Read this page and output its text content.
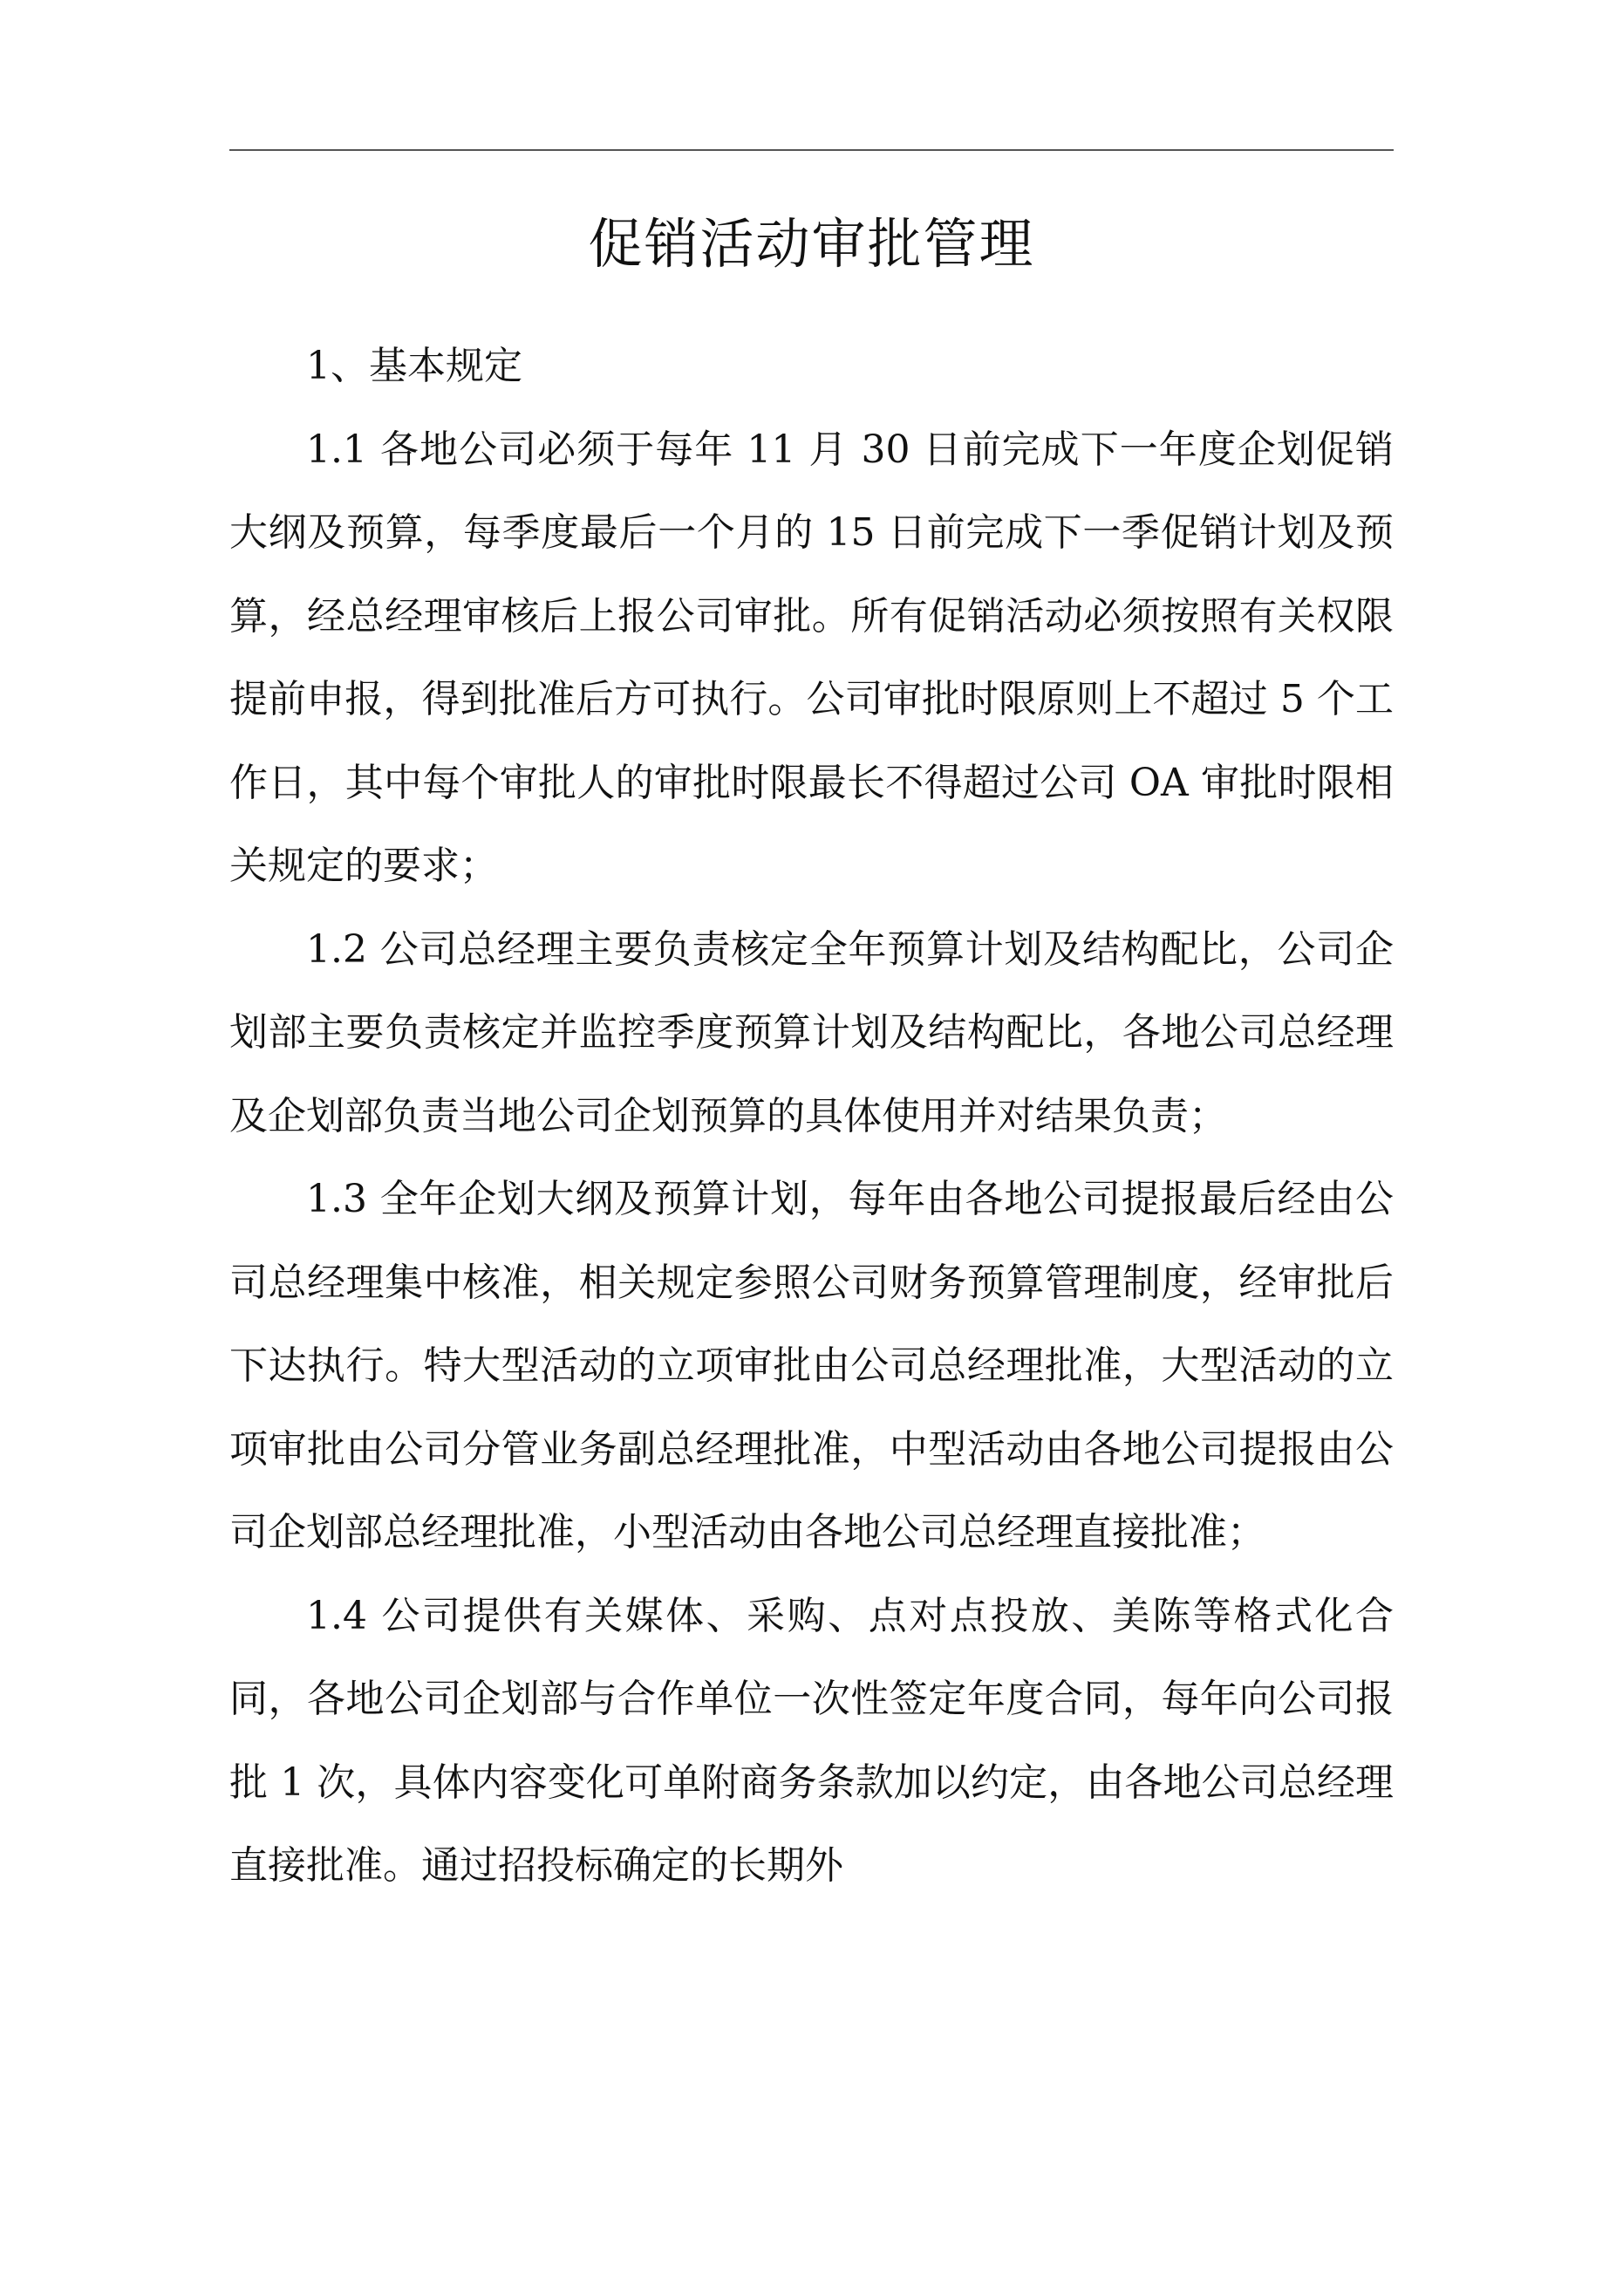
促销活动审批管理

1、基本规定

1.1 各地公司必须于每年 11 月 30 日前完成下一年度企划促销大纲及预算，每季度最后一个月的 15 日前完成下一季促销计划及预算，经总经理审核后上报公司审批。所有促销活动必须按照有关权限提前申报，得到批准后方可执行。公司审批时限原则上不超过 5 个工作日，其中每个审批人的审批时限最长不得超过公司 OA 审批时限相关规定的要求；

1.2 公司总经理主要负责核定全年预算计划及结构配比，公司企划部主要负责核定并监控季度预算计划及结构配比，各地公司总经理及企划部负责当地公司企划预算的具体使用并对结果负责；

1.3 全年企划大纲及预算计划，每年由各地公司提报最后经由公司总经理集中核准，相关规定参照公司财务预算管理制度，经审批后下达执行。特大型活动的立项审批由公司总经理批准，大型活动的立项审批由公司分管业务副总经理批准，中型活动由各地公司提报由公司企划部总经理批准，小型活动由各地公司总经理直接批准；

1.4 公司提供有关媒体、采购、点对点投放、美陈等格式化合同，各地公司企划部与合作单位一次性签定年度合同，每年向公司报批 1 次，具体内容变化可单附商务条款加以约定，由各地公司总经理直接批准。通过招投标确定的长期外
